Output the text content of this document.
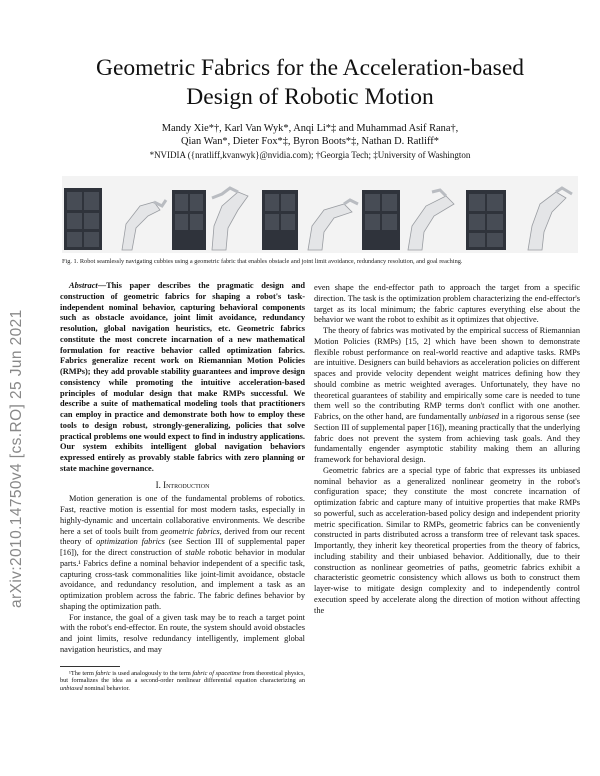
arXiv:2010.14750v4 [cs.RO] 25 Jun 2021
Geometric Fabrics for the Acceleration-based
Design of Robotic Motion
Mandy Xie*†, Karl Van Wyk*, Anqi Li*‡ and Muhammad Asif Rana†,
Qian Wan*, Dieter Fox*‡, Byron Boots*‡, Nathan D. Ratliff*
*NVIDIA ({nratliff,kvanwyk}@nvidia.com); †Georgia Tech; ‡University of Washington
Fig. 1. Robot seamlessly navigating cubbies using a geometric fabric that enables obstacle and joint limit avoidance, redundancy resolution, and goal reaching.

Abstract—This paper describes the pragmatic design and construction of geometric fabrics for shaping a robot's task-independent nominal behavior, capturing behavioral components such as obstacle avoidance, joint limit avoidance, redundancy resolution, global navigation heuristics, etc. Geometric fabrics constitute the most concrete incarnation of a new mathematical formulation for reactive behavior called optimization fabrics. Fabrics generalize recent work on Riemannian Motion Policies (RMPs); they add provable stability guarantees and improve design consistency while promoting the intuitive acceleration-based principles of modular design that make RMPs successful. We describe a suite of mathematical modeling tools that practitioners can employ in practice and demonstrate both how to employ these tools to design robust, strongly-generalizing, policies that solve practical problems one would expect to find in industry applications. Our system exhibits intelligent global navigation behaviors expressed entirely as provably stable fabrics with zero planning or state machine governance.

I. Introduction

Motion generation is one of the fundamental problems of robotics. Fast, reactive motion is essential for most modern tasks, especially in highly-dynamic and uncertain collaborative environments. We describe here a set of tools built from geometric fabrics, derived from our recent theory of optimization fabrics (see Section III of supplemental paper [16]), for the direct construction of stable robotic behavior in modular parts.¹ Fabrics define a nominal behavior independent of a specific task, capturing cross-task commonalities like joint-limit avoidance, obstacle avoidance, and redundancy resolution, and implement a task as an optimization problem across the fabric. The fabric defines behavior by shaping the optimization path.

For instance, the goal of a given task may be to reach a target point with the robot's end-effector. En route, the system should avoid obstacles and joint limits, resolve redundancy intelligently, implement global navigation heuristics, and may

¹The term fabric is used analogously to the term fabric of spacetime from theoretical physics, but formalizes the idea as a second-order nonlinear differential equation characterizing an unbiased nominal behavior.

even shape the end-effector path to approach the target from a specific direction. The task is the optimization problem characterizing the end-effector's target as its local minimum; the fabric captures everything else about the behavior we want the robot to exhibit as it optimizes that objective.

The theory of fabrics was motivated by the empirical success of Riemannian Motion Policies (RMPs) [15, 2] which have been shown to demonstrate flexible robust performance on real-world reactive and adaptive tasks. RMPs are intuitive. Designers can build behaviors as acceleration policies on different spaces and provide velocity dependent weight matrices defining how they should combine as metric weighted averages. Unfortunately, they have no theoretical guarantees of stability and empirically some care is needed to tune them well so the contributing RMP terms don't conflict with one another. Fabrics, on the other hand, are fundamentally unbiased in a rigorous sense (see Section III of supplemental paper [16]), meaning practically that the underlying fabric does not prevent the system from achieving task goals. And they fundamentally engender asymptotic stability making them an alluring framework for behavioral design.

Geometric fabrics are a special type of fabric that expresses its unbiased nominal behavior as a generalized nonlinear geometry in the robot's configuration space; they constitute the most concrete incarnation of optimization fabric and capture many of intuitive properties that make RMPs so powerful, such as acceleration-based policy design and independent priority metric specification. Similar to RMPs, geometric fabrics can be conveniently constructed in parts distributed across a transform tree of relevant task spaces. Importantly, they inherit key theoretical properties from the theory of fabrics, including stability and their unbiased behavior. Additionally, due to their construction as nonlinear geometries of paths, geometric fabrics exhibit a characteristic geometric consistency which allows us both to construct them layer-wise to mitigate design complexity and to independently control execution speed by accelerate along the direction of motion without affecting the
